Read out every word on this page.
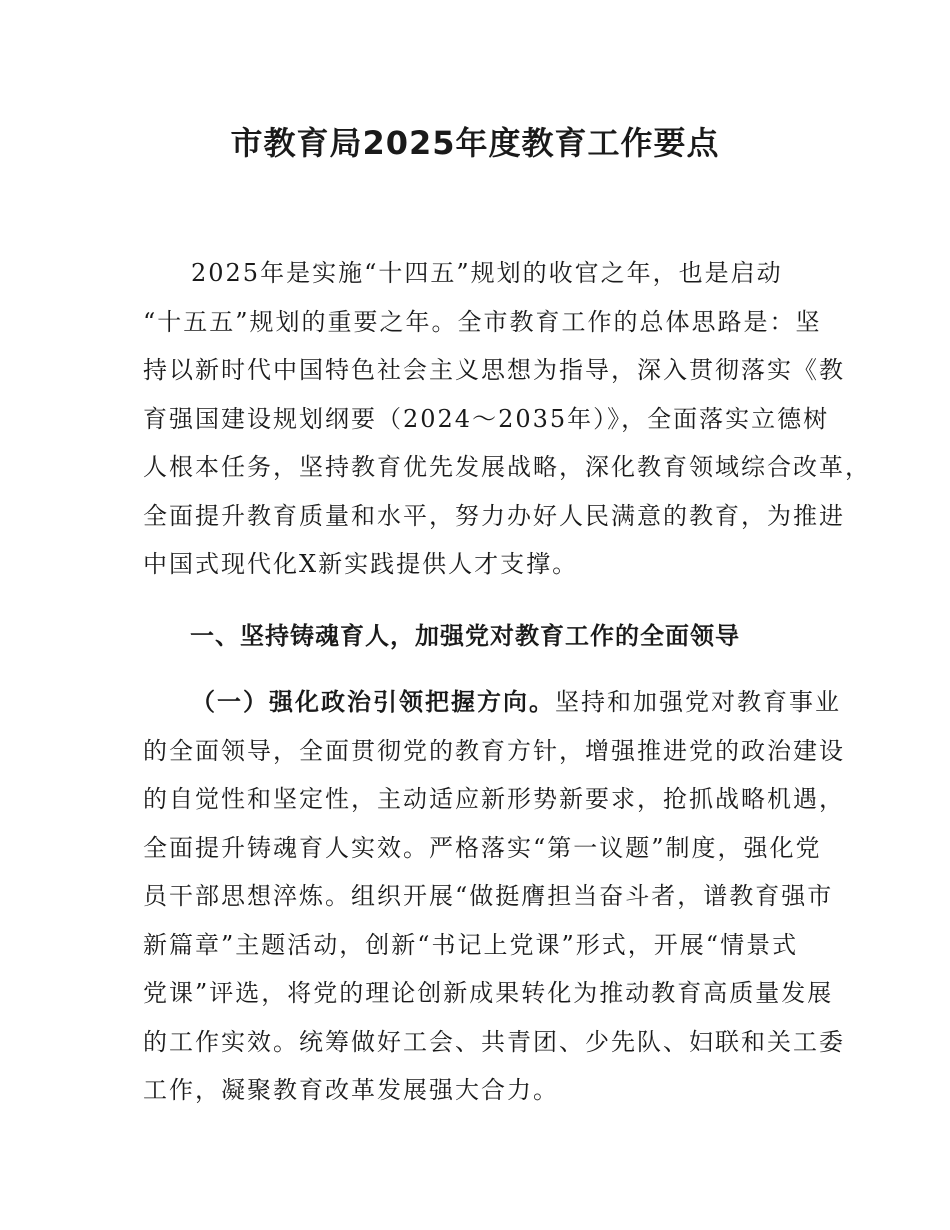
市教育局2025年度教育工作要点
2025年是实施“十四五”规划的收官之年，也是启动
“十五五”规划的重要之年。全市教育工作的总体思路是：坚
持以新时代中国特色社会主义思想为指导，深入贯彻落实《教
育强国建设规划纲要（2024～2035年）》，全面落实立德树
人根本任务，坚持教育优先发展战略，深化教育领域综合改革，
全面提升教育质量和水平，努力办好人民满意的教育，为推进
中国式现代化X新实践提供人才支撑。
一、坚持铸魂育人，加强党对教育工作的全面领导
（一）强化政治引领把握方向。坚持和加强党对教育事业
的全面领导，全面贯彻党的教育方针，增强推进党的政治建设
的自觉性和坚定性，主动适应新形势新要求，抢抓战略机遇，
全面提升铸魂育人实效。严格落实“第一议题”制度，强化党
员干部思想淬炼。组织开展“做挺膺担当奋斗者，谱教育强市
新篇章”主题活动，创新“书记上党课”形式，开展“情景式
党课”评选，将党的理论创新成果转化为推动教育高质量发展
的工作实效。统筹做好工会、共青团、少先队、妇联和关工委
工作，凝聚教育改革发展强大合力。
